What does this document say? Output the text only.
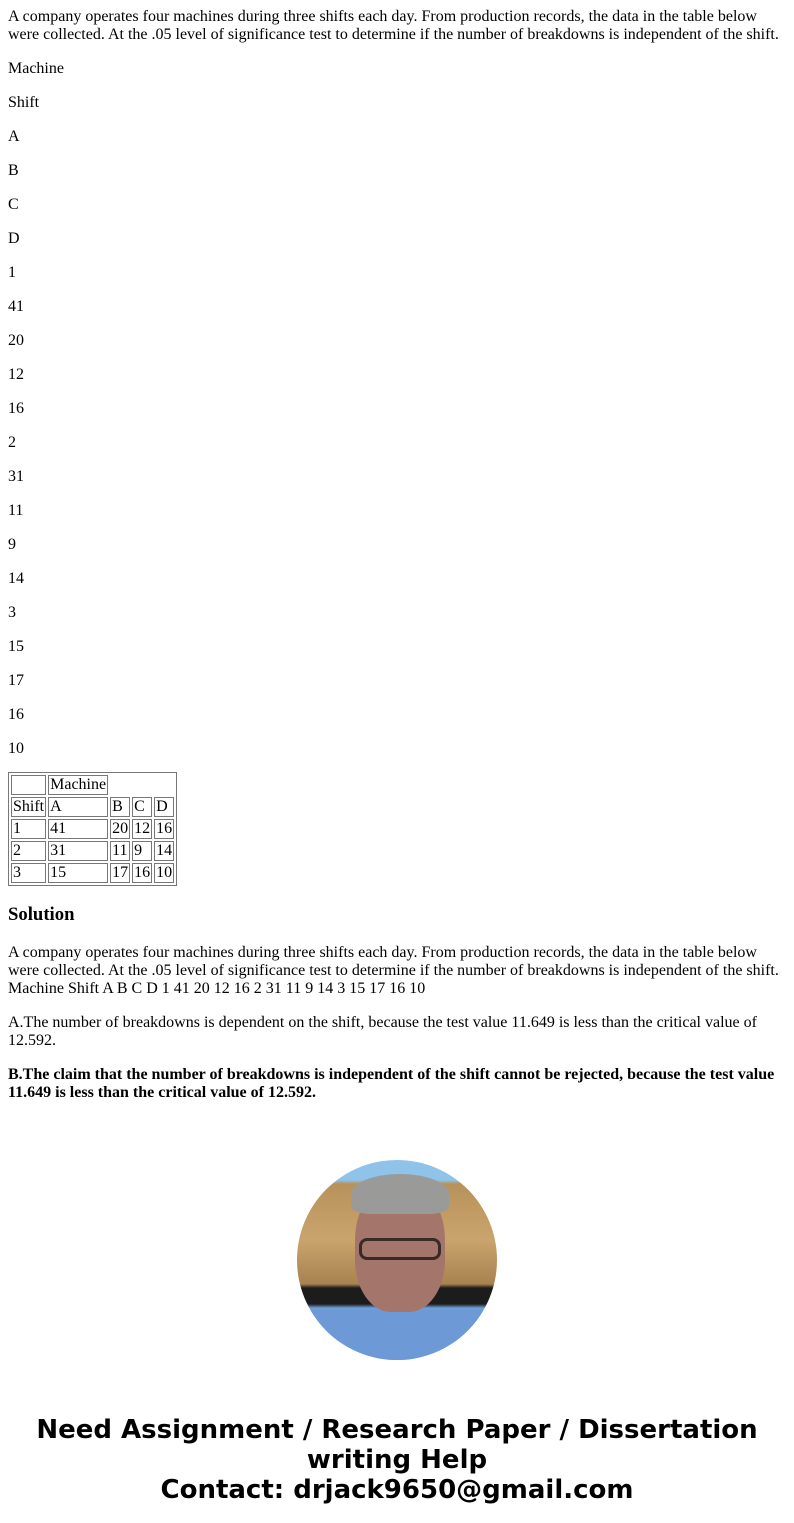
A company operates four machines during three shifts each day. From production records, the data in the table below were collected. At the .05 level of significance test to determine if the number of breakdowns is independent of the shift.

Machine

Shift

A

B

C

D

1

41

20

12

16

2

31

11

9

14

3

15

17

16

10

	Machine			
Shift	A	B	C	D
1	41	20	12	16
2	31	11	9	14
3	15	17	16	10
Solution

A company operates four machines during three shifts each day. From production records, the data in the table below were collected. At the .05 level of significance test to determine if the number of breakdowns is independent of the shift. Machine Shift A B C D 1 41 20 12 16 2 31 11 9 14 3 15 17 16 10

A.The number of breakdowns is dependent on the shift, because the test value 11.649 is less than the critical value of 12.592.

B.The claim that the number of breakdowns is independent of the shift cannot be rejected, because the test value 11.649 is less than the critical value of 12.592.

Need Assignment / Research Paper / Dissertation writing Help
Contact: drjack9650@gmail.com
